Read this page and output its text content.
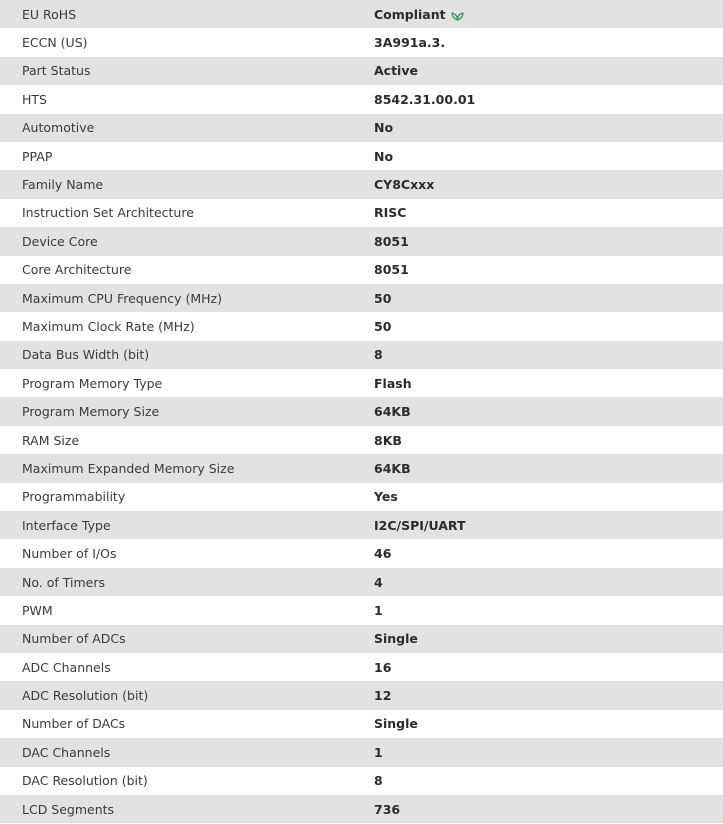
EU RoHS	Compliant
ECCN (US)	3A991a.3.
Part Status	Active
HTS	8542.31.00.01
Automotive	No
PPAP	No
Family Name	CY8Cxxx
Instruction Set Architecture	RISC
Device Core	8051
Core Architecture	8051
Maximum CPU Frequency (MHz)	50
Maximum Clock Rate (MHz)	50
Data Bus Width (bit)	8
Program Memory Type	Flash
Program Memory Size	64KB
RAM Size	8KB
Maximum Expanded Memory Size	64KB
Programmability	Yes
Interface Type	I2C/SPI/UART
Number of I/Os	46
No. of Timers	4
PWM	1
Number of ADCs	Single
ADC Channels	16
ADC Resolution (bit)	12
Number of DACs	Single
DAC Channels	1
DAC Resolution (bit)	8
LCD Segments	736
